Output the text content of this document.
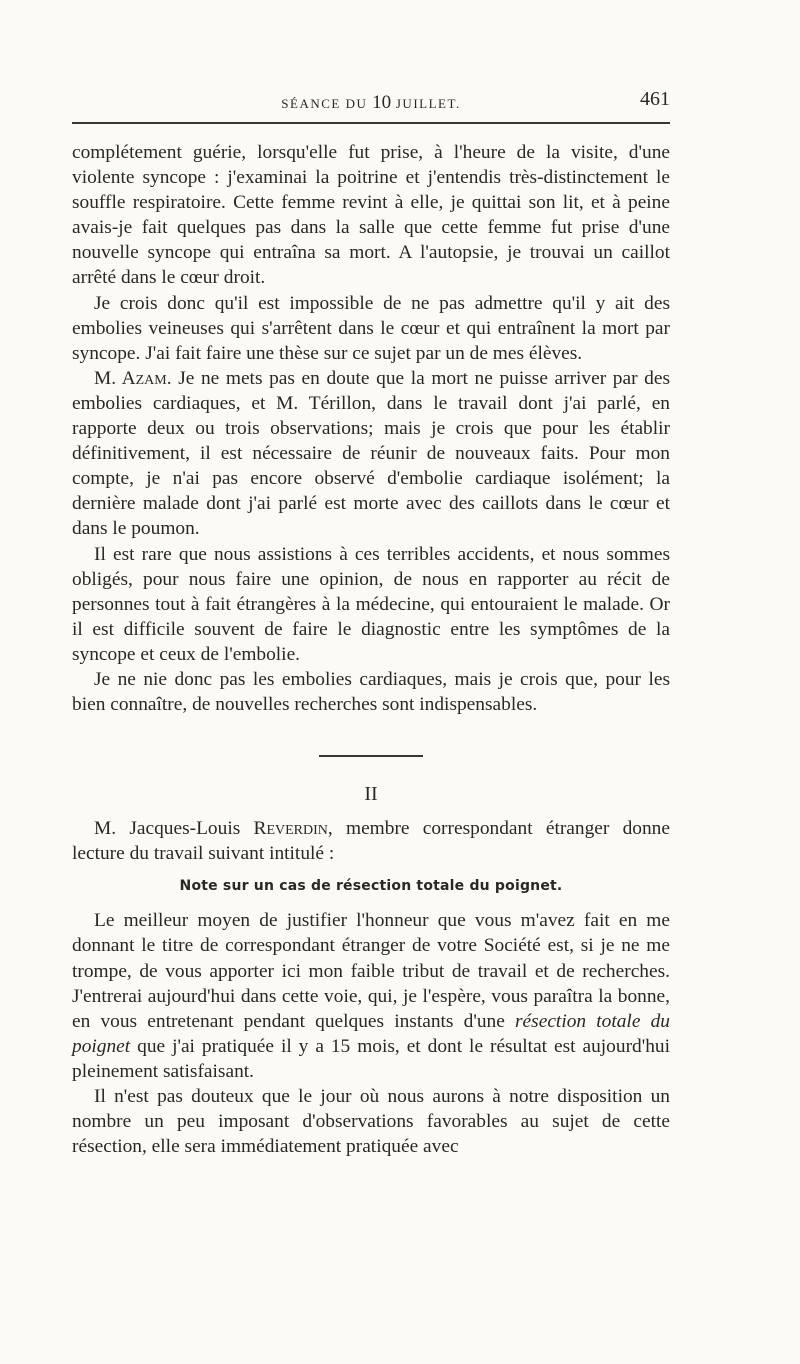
SÉANCE DU 10 JUILLET.	461

complétement guérie, lorsqu'elle fut prise, à l'heure de la visite, d'une violente syncope : j'examinai la poitrine et j'entendis très-distinctement le souffle respiratoire. Cette femme revint à elle, je quittai son lit, et à peine avais-je fait quelques pas dans la salle que cette femme fut prise d'une nouvelle syncope qui entraîna sa mort. A l'autopsie, je trouvai un caillot arrêté dans le cœur droit.

Je crois donc qu'il est impossible de ne pas admettre qu'il y ait des embolies veineuses qui s'arrêtent dans le cœur et qui entraînent la mort par syncope. J'ai fait faire une thèse sur ce sujet par un de mes élèves.

M. Azam. Je ne mets pas en doute que la mort ne puisse arriver par des embolies cardiaques, et M. Térillon, dans le travail dont j'ai parlé, en rapporte deux ou trois observations; mais je crois que pour les établir définitivement, il est nécessaire de réunir de nouveaux faits. Pour mon compte, je n'ai pas encore observé d'embolie cardiaque isolément; la dernière malade dont j'ai parlé est morte avec des caillots dans le cœur et dans le poumon.

Il est rare que nous assistions à ces terribles accidents, et nous sommes obligés, pour nous faire une opinion, de nous en rapporter au récit de personnes tout à fait étrangères à la médecine, qui entouraient le malade. Or il est difficile souvent de faire le diagnostic entre les symptômes de la syncope et ceux de l'embolie.

Je ne nie donc pas les embolies cardiaques, mais je crois que, pour les bien connaître, de nouvelles recherches sont indispensables.

II

M. Jacques-Louis Reverdin, membre correspondant étranger donne lecture du travail suivant intitulé :

Note sur un cas de résection totale du poignet.

Le meilleur moyen de justifier l'honneur que vous m'avez fait en me donnant le titre de correspondant étranger de votre Société est, si je ne me trompe, de vous apporter ici mon faible tribut de travail et de recherches. J'entrerai aujourd'hui dans cette voie, qui, je l'espère, vous paraîtra la bonne, en vous entretenant pendant quelques instants d'une résection totale du poignet que j'ai pratiquée il y a 15 mois, et dont le résultat est aujourd'hui pleinement satisfaisant.

Il n'est pas douteux que le jour où nous aurons à notre disposition un nombre un peu imposant d'observations favorables au sujet de cette résection, elle sera immédiatement pratiquée avec
